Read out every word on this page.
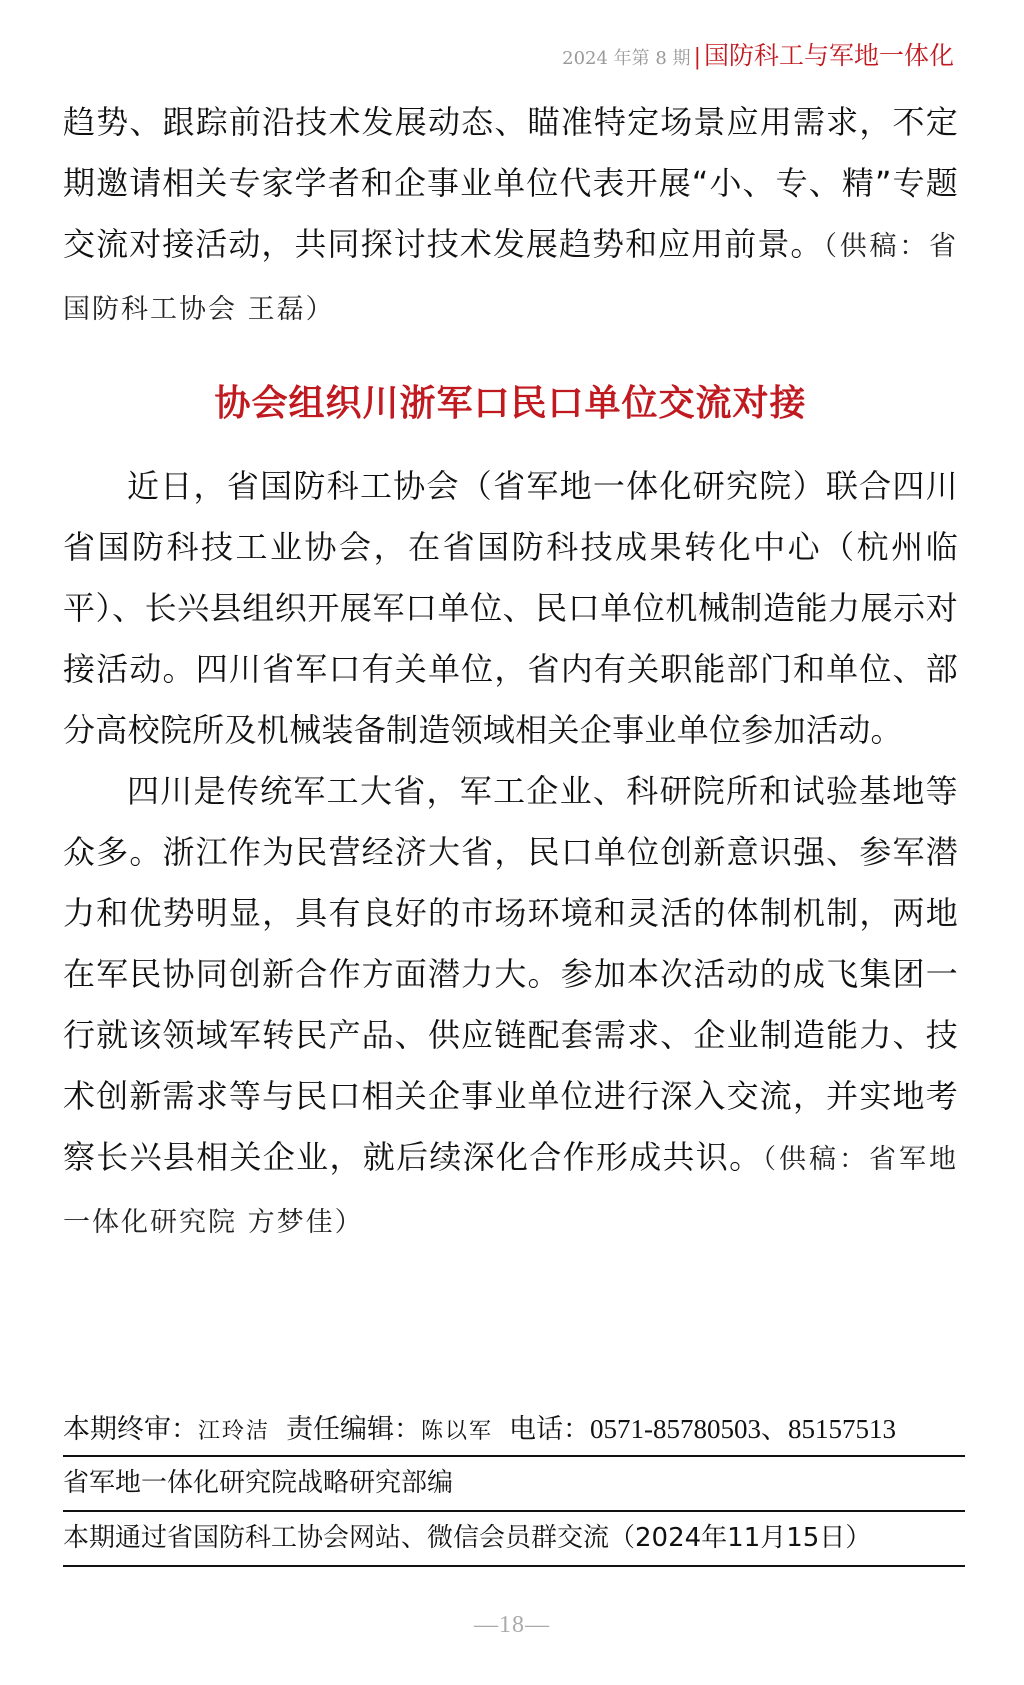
2024 年第 8 期 | 国防科工与军地一体化

趋势、跟踪前沿技术发展动态、瞄准特定场景应用需求，不定期邀请相关专家学者和企事业单位代表开展“小、专、精”专题交流对接活动，共同探讨技术发展趋势和应用前景。（供稿：省国防科工协会 王磊）

协会组织川浙军口民口单位交流对接

近日，省国防科工协会（省军地一体化研究院）联合四川省国防科技工业协会，在省国防科技成果转化中心（杭州临平）、长兴县组织开展军口单位、民口单位机械制造能力展示对接活动。四川省军口有关单位，省内有关职能部门和单位、部分高校院所及机械装备制造领域相关企事业单位参加活动。

四川是传统军工大省，军工企业、科研院所和试验基地等众多。浙江作为民营经济大省，民口单位创新意识强、参军潜力和优势明显，具有良好的市场环境和灵活的体制机制，两地在军民协同创新合作方面潜力大。参加本次活动的成飞集团一行就该领域军转民产品、供应链配套需求、企业制造能力、技术创新需求等与民口相关企事业单位进行深入交流，并实地考察长兴县相关企业，就后续深化合作形成共识。（供稿：省军地一体化研究院 方梦佳）

本期终审：江玲洁 责任编辑：陈以军 电话：0571-85780503、85157513
省军地一体化研究院战略研究部编
本期通过省国防科工协会网站、微信会员群交流（2024年11月15日）
—18—
